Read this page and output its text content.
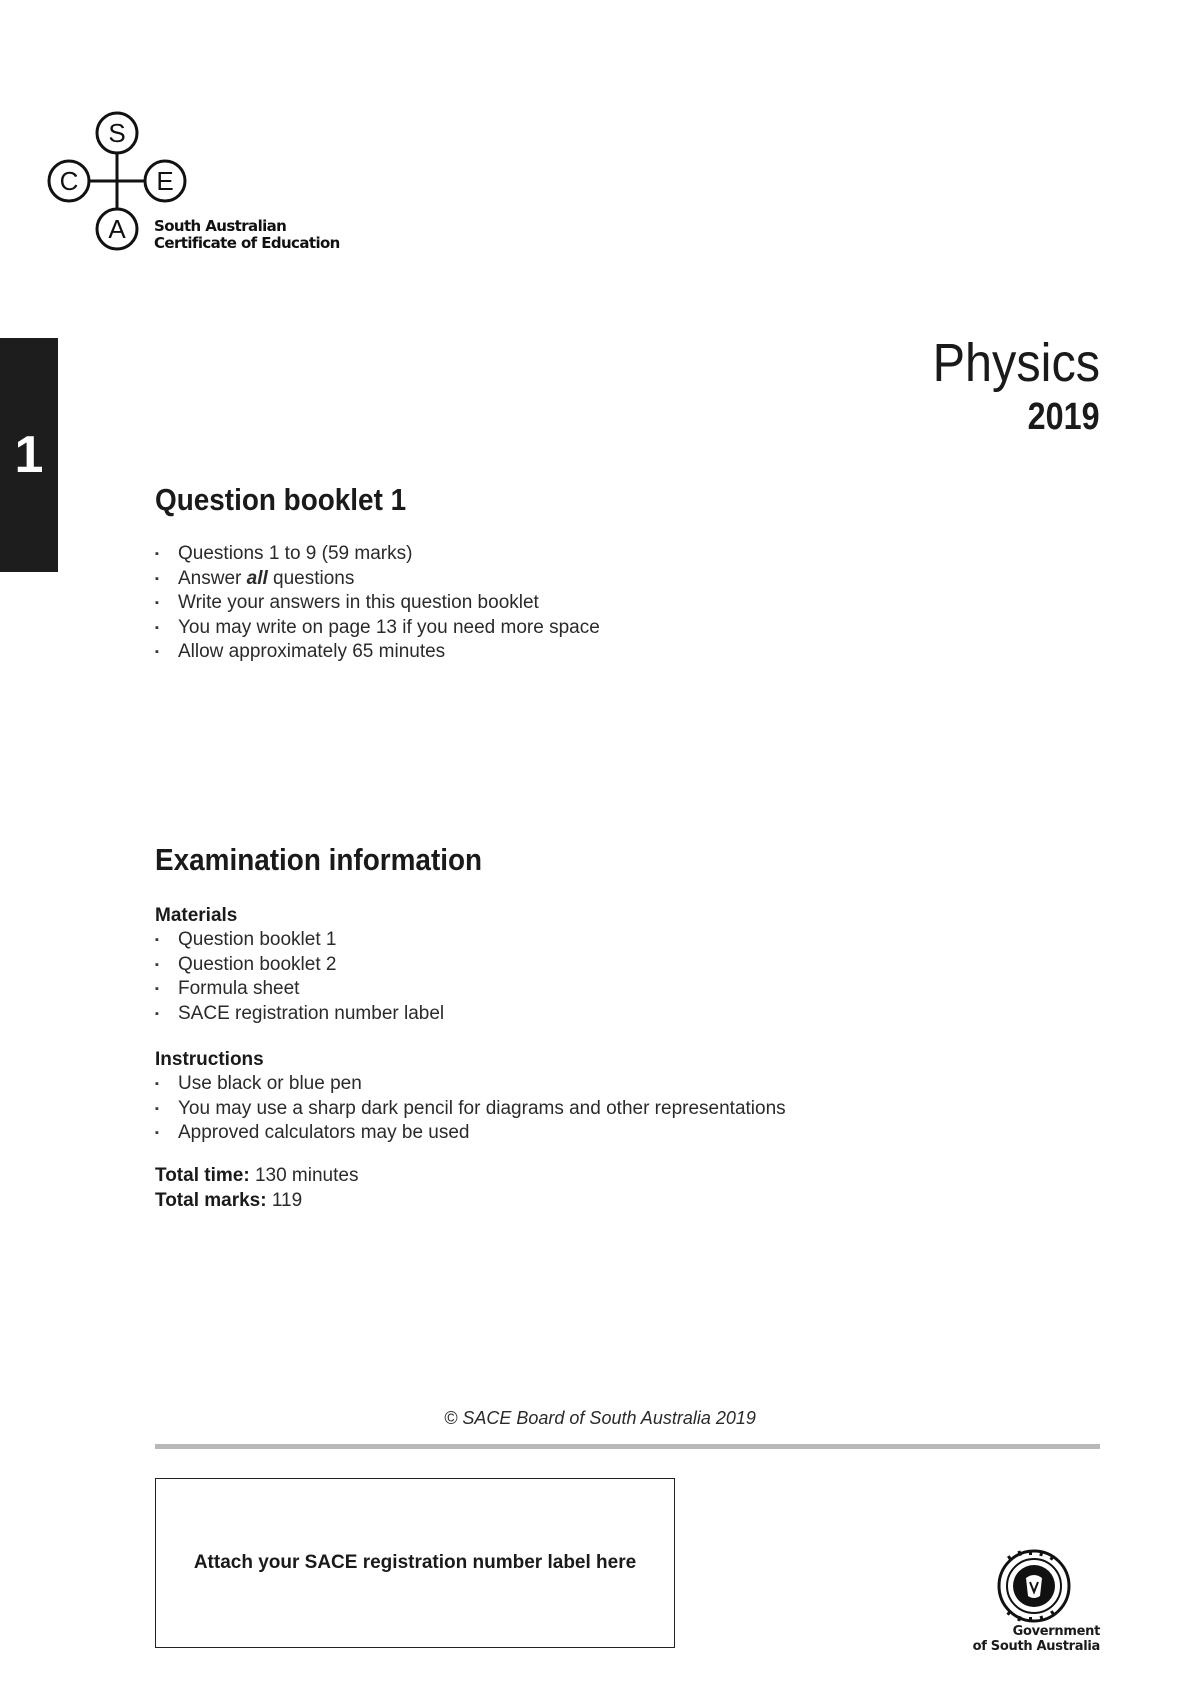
S
C	E
A South Australian
Certificate of Education
1
Physics
2019
Question booklet 1
▪ Questions 1 to 9 (59 marks)
▪ Answer all questions
▪ Write your answers in this question booklet
▪ You may write on page 13 if you need more space
▪ Allow approximately 65 minutes
Examination information

Materials

▪ Question booklet 1
▪ Question booklet 2
▪ Formula sheet
▪ SACE registration number label

Instructions

▪ Use black or blue pen
▪ You may use a sharp dark pencil for diagrams and other representations
▪ Approved calculators may be used
Total time: 130 minutes
Total marks: 119
© SACE Board of South Australia 2019
Attach your SACE registration number label here
Government
of South Australia
